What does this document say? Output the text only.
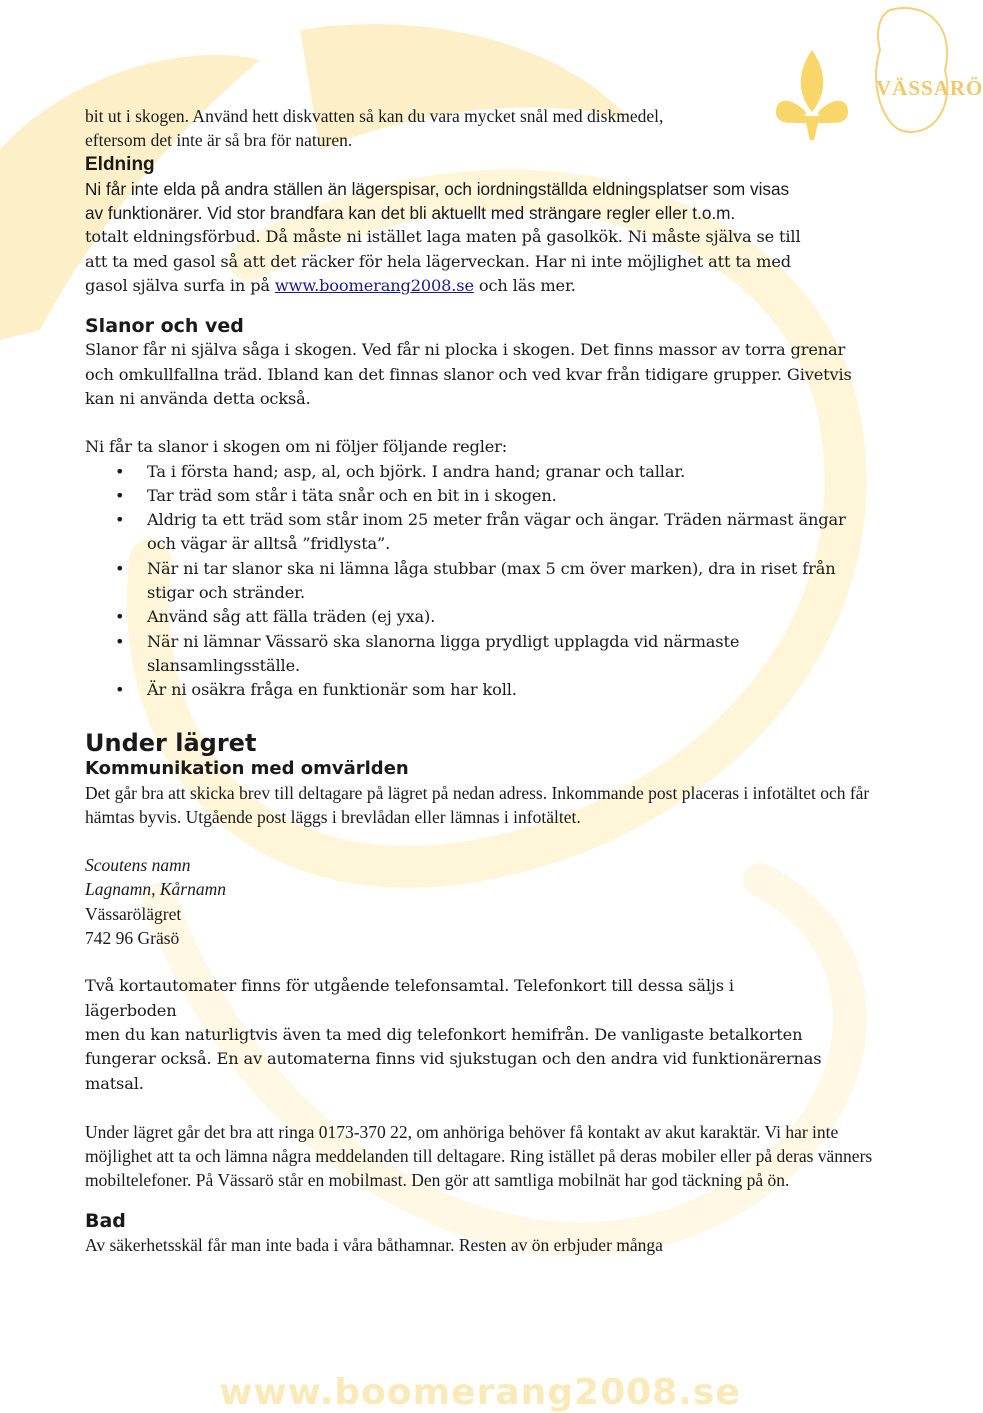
VÄSSARÖ

bit ut i skogen. Använd hett diskvatten så kan du vara mycket snål med diskmedel,
eftersom det inte är så bra för naturen.

Eldning

Ni får inte elda på andra ställen än lägerspisar, och iordningställda eldningsplatser som visas
av funktionärer. Vid stor brandfara kan det bli aktuellt med strängare regler eller t.o.m.
totalt eldningsförbud. Då måste ni istället laga maten på gasolkök. Ni måste själva se till
att ta med gasol så att det räcker för hela lägerveckan. Har ni inte möjlighet att ta med
gasol själva surfa in på www.boomerang2008.se och läs mer.

Slanor och ved

Slanor får ni själva såga i skogen. Ved får ni plocka i skogen. Det finns massor av torra grenar och omkullfallna träd. Ibland kan det finnas slanor och ved kvar från tidigare grupper. Givetvis kan ni använda detta också.

Ni får ta slanor i skogen om ni följer följande regler:

• Ta i första hand; asp, al, och björk. I andra hand; granar och tallar.
• Tar träd som står i täta snår och en bit in i skogen.
• Aldrig ta ett träd som står inom 25 meter från vägar och ängar. Träden närmast ängar och vägar är alltså ”fridlysta”.
• När ni tar slanor ska ni lämna låga stubbar (max 5 cm över marken), dra in riset från stigar och stränder.
• Använd såg att fälla träden (ej yxa).
• När ni lämnar Vässarö ska slanorna ligga prydligt upplagda vid närmaste slansamlingsställe.
• Är ni osäkra fråga en funktionär som har koll.
Under lägret
Kommunikation med omvärlden

Det går bra att skicka brev till deltagare på lägret på nedan adress. Inkommande post placeras i infotältet och får hämtas byvis. Utgående post läggs i brevlådan eller lämnas i infotältet.

Scoutens namn
Lagnamn, Kårnamn
Vässarölägret
742 96 Gräsö

Två kortautomater finns för utgående telefonsamtal. Telefonkort till dessa säljs i
lägerboden
men du kan naturligtvis även ta med dig telefonkort hemifrån. De vanligaste betalkorten fungerar också. En av automaterna finns vid sjukstugan och den andra vid funktionärernas matsal.

Under lägret går det bra att ringa 0173-370 22, om anhöriga behöver få kontakt av akut karaktär. Vi har inte möjlighet att ta och lämna några meddelanden till deltagare. Ring istället på deras mobiler eller på deras vänners mobiltelefoner. På Vässarö står en mobilmast. Den gör att samtliga mobilnät har god täckning på ön.

Bad

Av säkerhetsskäl får man inte bada i våra båthamnar. Resten av ön erbjuder många

www.boomerang2008.se
